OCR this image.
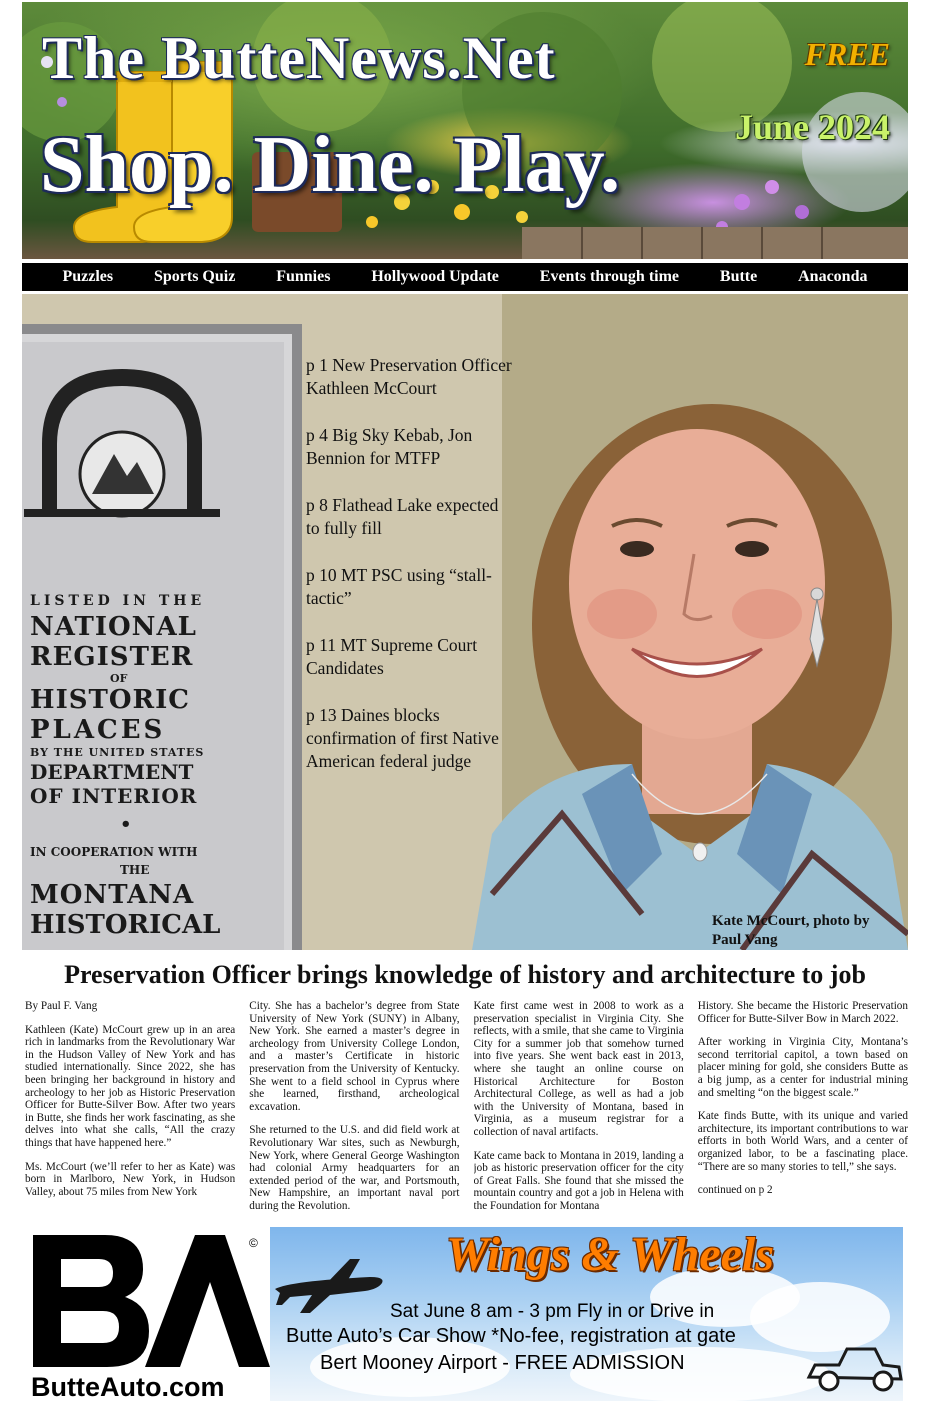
The ButteNews.Net
Shop. Dine. Play.
FREE
June 2024
Puzzles	Sports Quiz	Funnies	Hollywood Update	Events through time	Butte	Anaconda
LISTED IN THE
NATIONAL
REGISTER
OF
HISTORIC
PLACES
BY THE UNITED STATES
DEPARTMENT
OF INTERIOR
•
IN COOPERATION WITH
THE
MONTANA
HISTORICAL
p 1 New Preservation Officer Kathleen McCourt
p 4 Big Sky Kebab, Jon Bennion for MTFP
p 8 Flathead Lake expected to fully fill
p 10 MT PSC using “stall-tactic”
p 11 MT Supreme Court Candidates
p 13 Daines blocks confirmation of first Native American federal judge
Kate McCourt, photo by Paul Vang
Preservation Officer brings knowledge of history and architecture to job

By Paul F. Vang

Kathleen (Kate) McCourt grew up in an area rich in landmarks from the Revolutionary War in the Hudson Valley of New York and has studied internationally. Since 2022, she has been bringing her background in history and archeology to her job as Historic Preservation Officer for Butte-Silver Bow. After two years in Butte, she finds her work fascinating, as she delves into what she calls, “All the crazy things that have happened here.”

Ms. McCourt (we’ll refer to her as Kate) was born in Marlboro, New York, in Hudson Valley, about 75 miles from New York

City. She has a bachelor’s degree from State University of New York (SUNY) in Albany, New York. She earned a master’s degree in archeology from University College London, and a master’s Certificate in historic preservation from the University of Kentucky. She went to a field school in Cyprus where she learned, firsthand, archeological excavation.

She returned to the U.S. and did field work at Revolutionary War sites, such as Newburgh, New York, where General George Washington had colonial Army headquarters for an extended period of the war, and Portsmouth, New Hampshire, an important naval port during the Revolution.

Kate first came west in 2008 to work as a preservation specialist in Virginia City. She reflects, with a smile, that she came to Virginia City for a summer job that somehow turned into five years. She went back east in 2013, where she taught an online course on Historical Architecture for Boston Architectural College, as well as had a job with the University of Montana, based in Virginia, as a museum registrar for a collection of naval artifacts.

Kate came back to Montana in 2019, landing a job as historic preservation officer for the city of Great Falls. She found that she missed the mountain country and got a job in Helena with the Foundation for Montana

History. She became the Historic Preservation Officer for Butte-Silver Bow in March 2022.

After working in Virginia City, Montana’s second territorial capitol, a town based on placer mining for gold, she considers Butte as a big jump, as a center for industrial mining and smelting “on the biggest scale.”

Kate finds Butte, with its unique and varied architecture, its important contributions to war efforts in both World Wars, and a center of organized labor, to be a fascinating place. “There are so many stories to tell,” she says.

continued on p 2

©
ButteAuto.com
Wings & Wheels
Sat June 8 am - 3 pm Fly in or Drive in
Butte Auto’s Car Show *No-fee, registration at gate
Bert Mooney Airport - FREE ADMISSION
